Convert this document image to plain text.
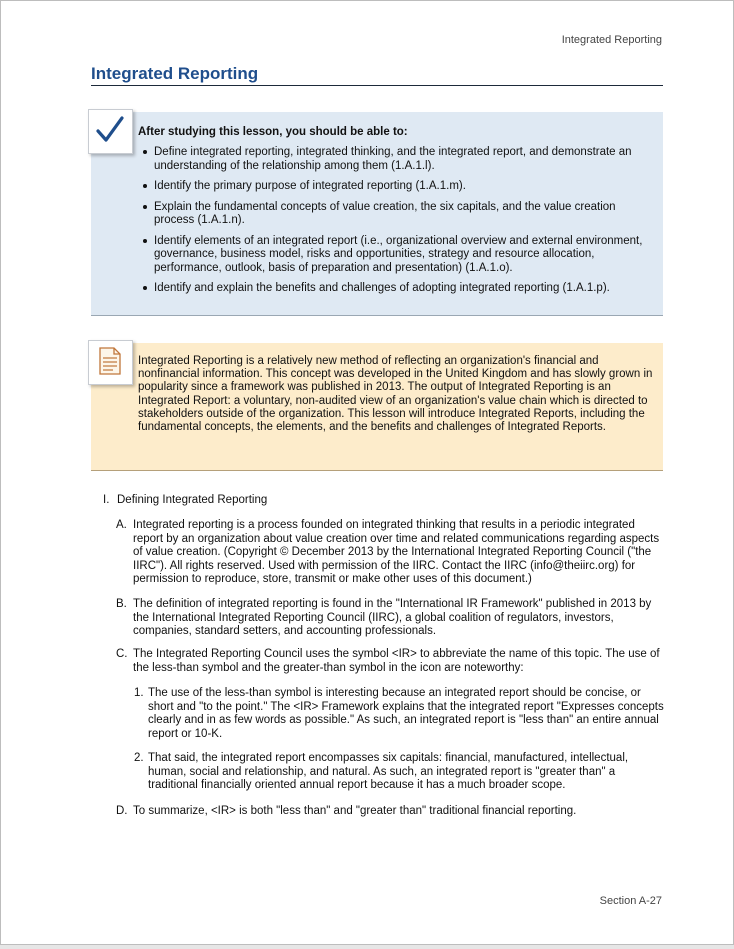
Integrated Reporting
Integrated Reporting
After studying this lesson, you should be able to:
Define integrated reporting, integrated thinking, and the integrated report, and demonstrate an understanding of the relationship among them (1.A.1.l).
Identify the primary purpose of integrated reporting (1.A.1.m).
Explain the fundamental concepts of value creation, the six capitals, and the value creation process (1.A.1.n).
Identify elements of an integrated report (i.e., organizational overview and external environment, governance, business model, risks and opportunities, strategy and resource allocation, performance, outlook, basis of preparation and presentation) (1.A.1.o).
Identify and explain the benefits and challenges of adopting integrated reporting (1.A.1.p).

Integrated Reporting is a relatively new method of reflecting an organization's financial and nonfinancial information. This concept was developed in the United Kingdom and has slowly grown in popularity since a framework was published in 2013. The output of Integrated Reporting is an Integrated Report: a voluntary, non-audited view of an organization's value chain which is directed to stakeholders outside of the organization. This lesson will introduce Integrated Reports, including the fundamental concepts, the elements, and the benefits and challenges of Integrated Reports.

I. Defining Integrated Reporting
A. Integrated reporting is a process founded on integrated thinking that results in a periodic integrated report by an organization about value creation over time and related communications regarding aspects of value creation. (Copyright © December 2013 by the International Integrated Reporting Council ("the IIRC"). All rights reserved. Used with permission of the IIRC. Contact the IIRC (info@theiirc.org) for permission to reproduce, store, transmit or make other uses of this document.)
B. The definition of integrated reporting is found in the "International IR Framework" published in 2013 by the International Integrated Reporting Council (IIRC), a global coalition of regulators, investors, companies, standard setters, and accounting professionals.
C. The Integrated Reporting Council uses the symbol <IR> to abbreviate the name of this topic. The use of the less-than symbol and the greater-than symbol in the icon are noteworthy:
1. The use of the less-than symbol is interesting because an integrated report should be concise, or short and "to the point." The <IR> Framework explains that the integrated report "Expresses concepts clearly and in as few words as possible." As such, an integrated report is "less than" an entire annual report or 10-K.
2. That said, the integrated report encompasses six capitals: financial, manufactured, intellectual, human, social and relationship, and natural. As such, an integrated report is "greater than" a traditional financially oriented annual report because it has a much broader scope.
D. To summarize, <IR> is both "less than" and "greater than" traditional financial reporting.
Section A-27
